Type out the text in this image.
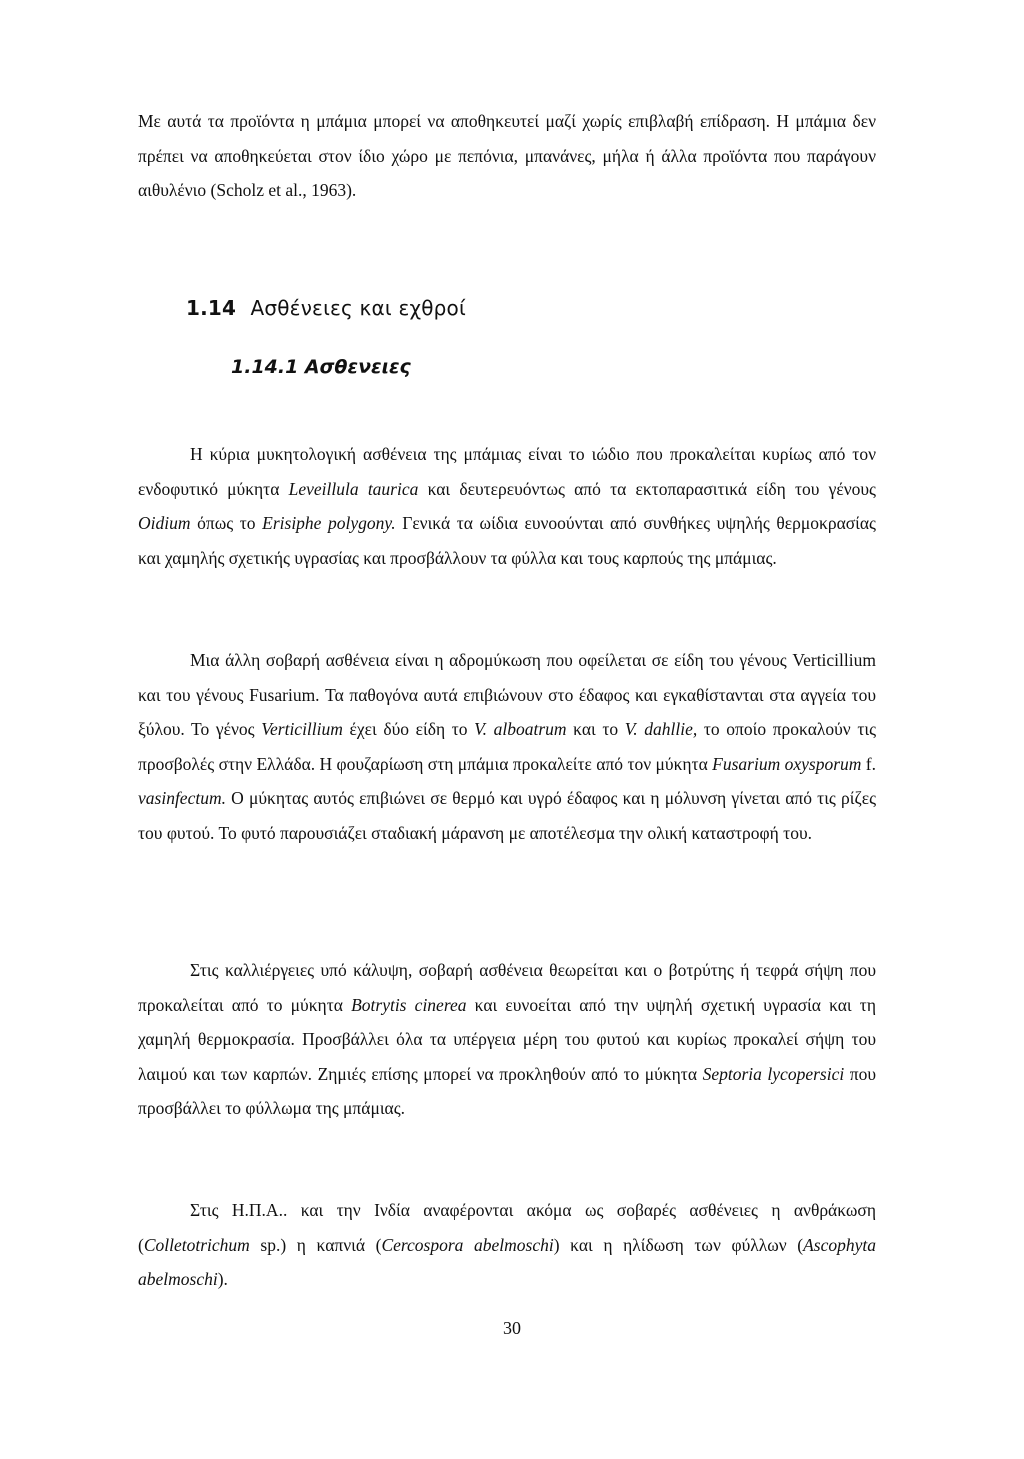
Με αυτά τα προϊόντα η μπάμια μπορεί να αποθηκευτεί μαζί χωρίς επιβλαβή επίδραση. Η μπάμια δεν πρέπει να αποθηκεύεται στον ίδιο χώρο με πεπόνια, μπανάνες, μήλα ή άλλα προϊόντα που παράγουν αιθυλένιο (Scholz et al., 1963).

1.14 Ασθένειες και εχθροί
1.14.1 Ασθενειες

Η κύρια μυκητολογική ασθένεια της μπάμιας είναι το ιώδιο που προκαλείται κυρίως από τον ενδοφυτικό μύκητα Leveillula taurica και δευτερευόντως από τα εκτοπαρασιτικά είδη του γένους Oidium όπως το Erisiphe polygony. Γενικά τα ωίδια ευνοούνται από συνθήκες υψηλής θερμοκρασίας και χαμηλής σχετικής υγρασίας και προσβάλλουν τα φύλλα και τους καρπούς της μπάμιας.

Μια άλλη σοβαρή ασθένεια είναι η αδρομύκωση που οφείλεται σε είδη του γένους Verticillium και του γένους Fusarium. Τα παθογόνα αυτά επιβιώνουν στο έδαφος και εγκαθίστανται στα αγγεία του ξύλου. Το γένος Verticillium έχει δύο είδη το V. alboatrum και το V. dahllie, το οποίο προκαλούν τις προσβολές στην Ελλάδα. Η φουζαρίωση στη μπάμια προκαλείτε από τον μύκητα Fusarium oxysporum f. vasinfectum. Ο μύκητας αυτός επιβιώνει σε θερμό και υγρό έδαφος και η μόλυνση γίνεται από τις ρίζες του φυτού. Το φυτό παρουσιάζει σταδιακή μάρανση με αποτέλεσμα την ολική καταστροφή του.

Στις καλλιέργειες υπό κάλυψη, σοβαρή ασθένεια θεωρείται και ο βοτρύτης ή τεφρά σήψη που προκαλείται από το μύκητα Botrytis cinerea και ευνοείται από την υψηλή σχετική υγρασία και τη χαμηλή θερμοκρασία. Προσβάλλει όλα τα υπέργεια μέρη του φυτού και κυρίως προκαλεί σήψη του λαιμού και των καρπών. Ζημιές επίσης μπορεί να προκληθούν από το μύκητα Septoria lycopersici που προσβάλλει το φύλλωμα της μπάμιας.

Στις Η.Π.Α.. και την Ινδία αναφέρονται ακόμα ως σοβαρές ασθένειες η ανθράκωση (Colletotrichum sp.) η καπνιά (Cercospora abelmoschi) και η ηλίδωση των φύλλων (Ascophyta abelmoschi).

30
